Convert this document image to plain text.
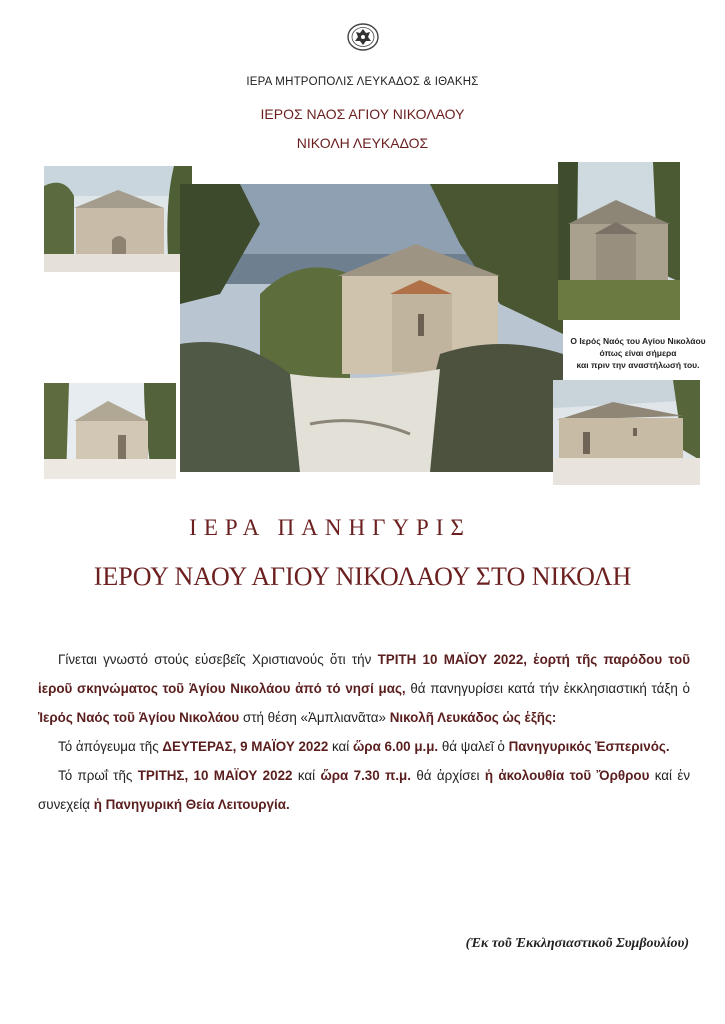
ΙΕΡΑ ΜΗΤΡΟΠΟΛΙΣ ΛΕΥΚΑΔΟΣ & ΙΘΑΚΗΣ
ΙΕΡΟΣ ΝΑΟΣ ΑΓΙΟΥ ΝΙΚΟΛΑΟΥ
ΝΙΚΟΛΗ ΛΕΥΚΑΔΟΣ
Ο Ιερός Ναός του Αγίου Νικολάου
όπως είναι σήμερα
και πριν την αναστήλωσή του.
ΙΕΡΑ ΠΑΝΗΓΥΡΙΣ
ΙΕΡΟΥ ΝΑΟΥ ΑΓΙΟΥ ΝΙΚΟΛΑΟΥ ΣΤΟ ΝΙΚΟΛΗ

Γίνεται γνωστό στούς εὐσεβεῖς Χριστιανούς ὅτι τήν ΤΡΙΤΗ 10 ΜΑΪΟΥ 2022, ἑορτή τῆς παρόδου τοῦ ἱεροῦ σκηνώματος τοῦ Ἁγίου Νικολάου ἀπό τό νησί μας, θά πανηγυρίσει κατά τήν ἐκκλησιαστική τάξη ὁ Ἱερός Ναός τοῦ Ἁγίου Νικολάου στή θέση «Ἀμπλιανᾶτα» Νικολῆ Λευκάδος ὡς ἑξῆς:

Τό ἀπόγευμα τῆς ΔΕΥΤΕΡΑΣ, 9 ΜΑΪΟΥ 2022 καί ὥρα 6.00 μ.μ. θά ψαλεῖ ὁ Πανηγυρικός Ἑσπερινός.

Τό πρωΐ τῆς ΤΡΙΤΗΣ, 10 ΜΑΪΟΥ 2022 καί ὥρα 7.30 π.μ. θά ἀρχίσει ἡ ἀκολουθία τοῦ Ὄρθρου καί ἐν συνεχείᾳ ἡ Πανηγυρική Θεία Λειτουργία.

(Ἐκ τοῦ Ἐκκλησιαστικοῦ Συμβουλίου)
